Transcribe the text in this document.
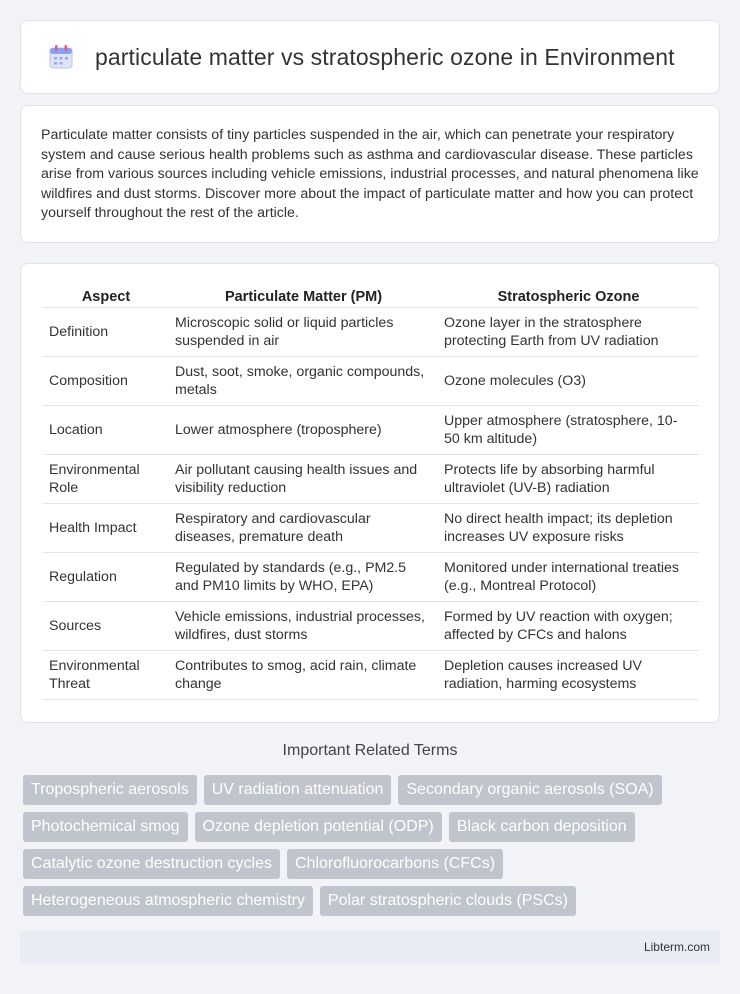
particulate matter vs stratospheric ozone in Environment

Particulate matter consists of tiny particles suspended in the air, which can penetrate your respiratory system and cause serious health problems such as asthma and cardiovascular disease. These particles arise from various sources including vehicle emissions, industrial processes, and natural phenomena like wildfires and dust storms. Discover more about the impact of particulate matter and how you can protect yourself throughout the rest of the article.

Aspect	Particulate Matter (PM)	Stratospheric Ozone
Definition	Microscopic solid or liquid particles suspended in air	Ozone layer in the stratosphere protecting Earth from UV radiation
Composition	Dust, soot, smoke, organic compounds, metals	Ozone molecules (O3)
Location	Lower atmosphere (troposphere)	Upper atmosphere (stratosphere, 10-50 km altitude)
Environmental Role	Air pollutant causing health issues and visibility reduction	Protects life by absorbing harmful ultraviolet (UV-B) radiation
Health Impact	Respiratory and cardiovascular diseases, premature death	No direct health impact; its depletion increases UV exposure risks
Regulation	Regulated by standards (e.g., PM2.5 and PM10 limits by WHO, EPA)	Monitored under international treaties (e.g., Montreal Protocol)
Sources	Vehicle emissions, industrial processes, wildfires, dust storms	Formed by UV reaction with oxygen; affected by CFCs and halons
Environmental Threat	Contributes to smog, acid rain, climate change	Depletion causes increased UV radiation, harming ecosystems
Important Related Terms
Tropospheric aerosols	UV radiation attenuation	Secondary organic aerosols (SOA)
Photochemical smog	Ozone depletion potential (ODP)	Black carbon deposition
Catalytic ozone destruction cycles	Chlorofluorocarbons (CFCs)
Heterogeneous atmospheric chemistry	Polar stratospheric clouds (PSCs)
Libterm.com
